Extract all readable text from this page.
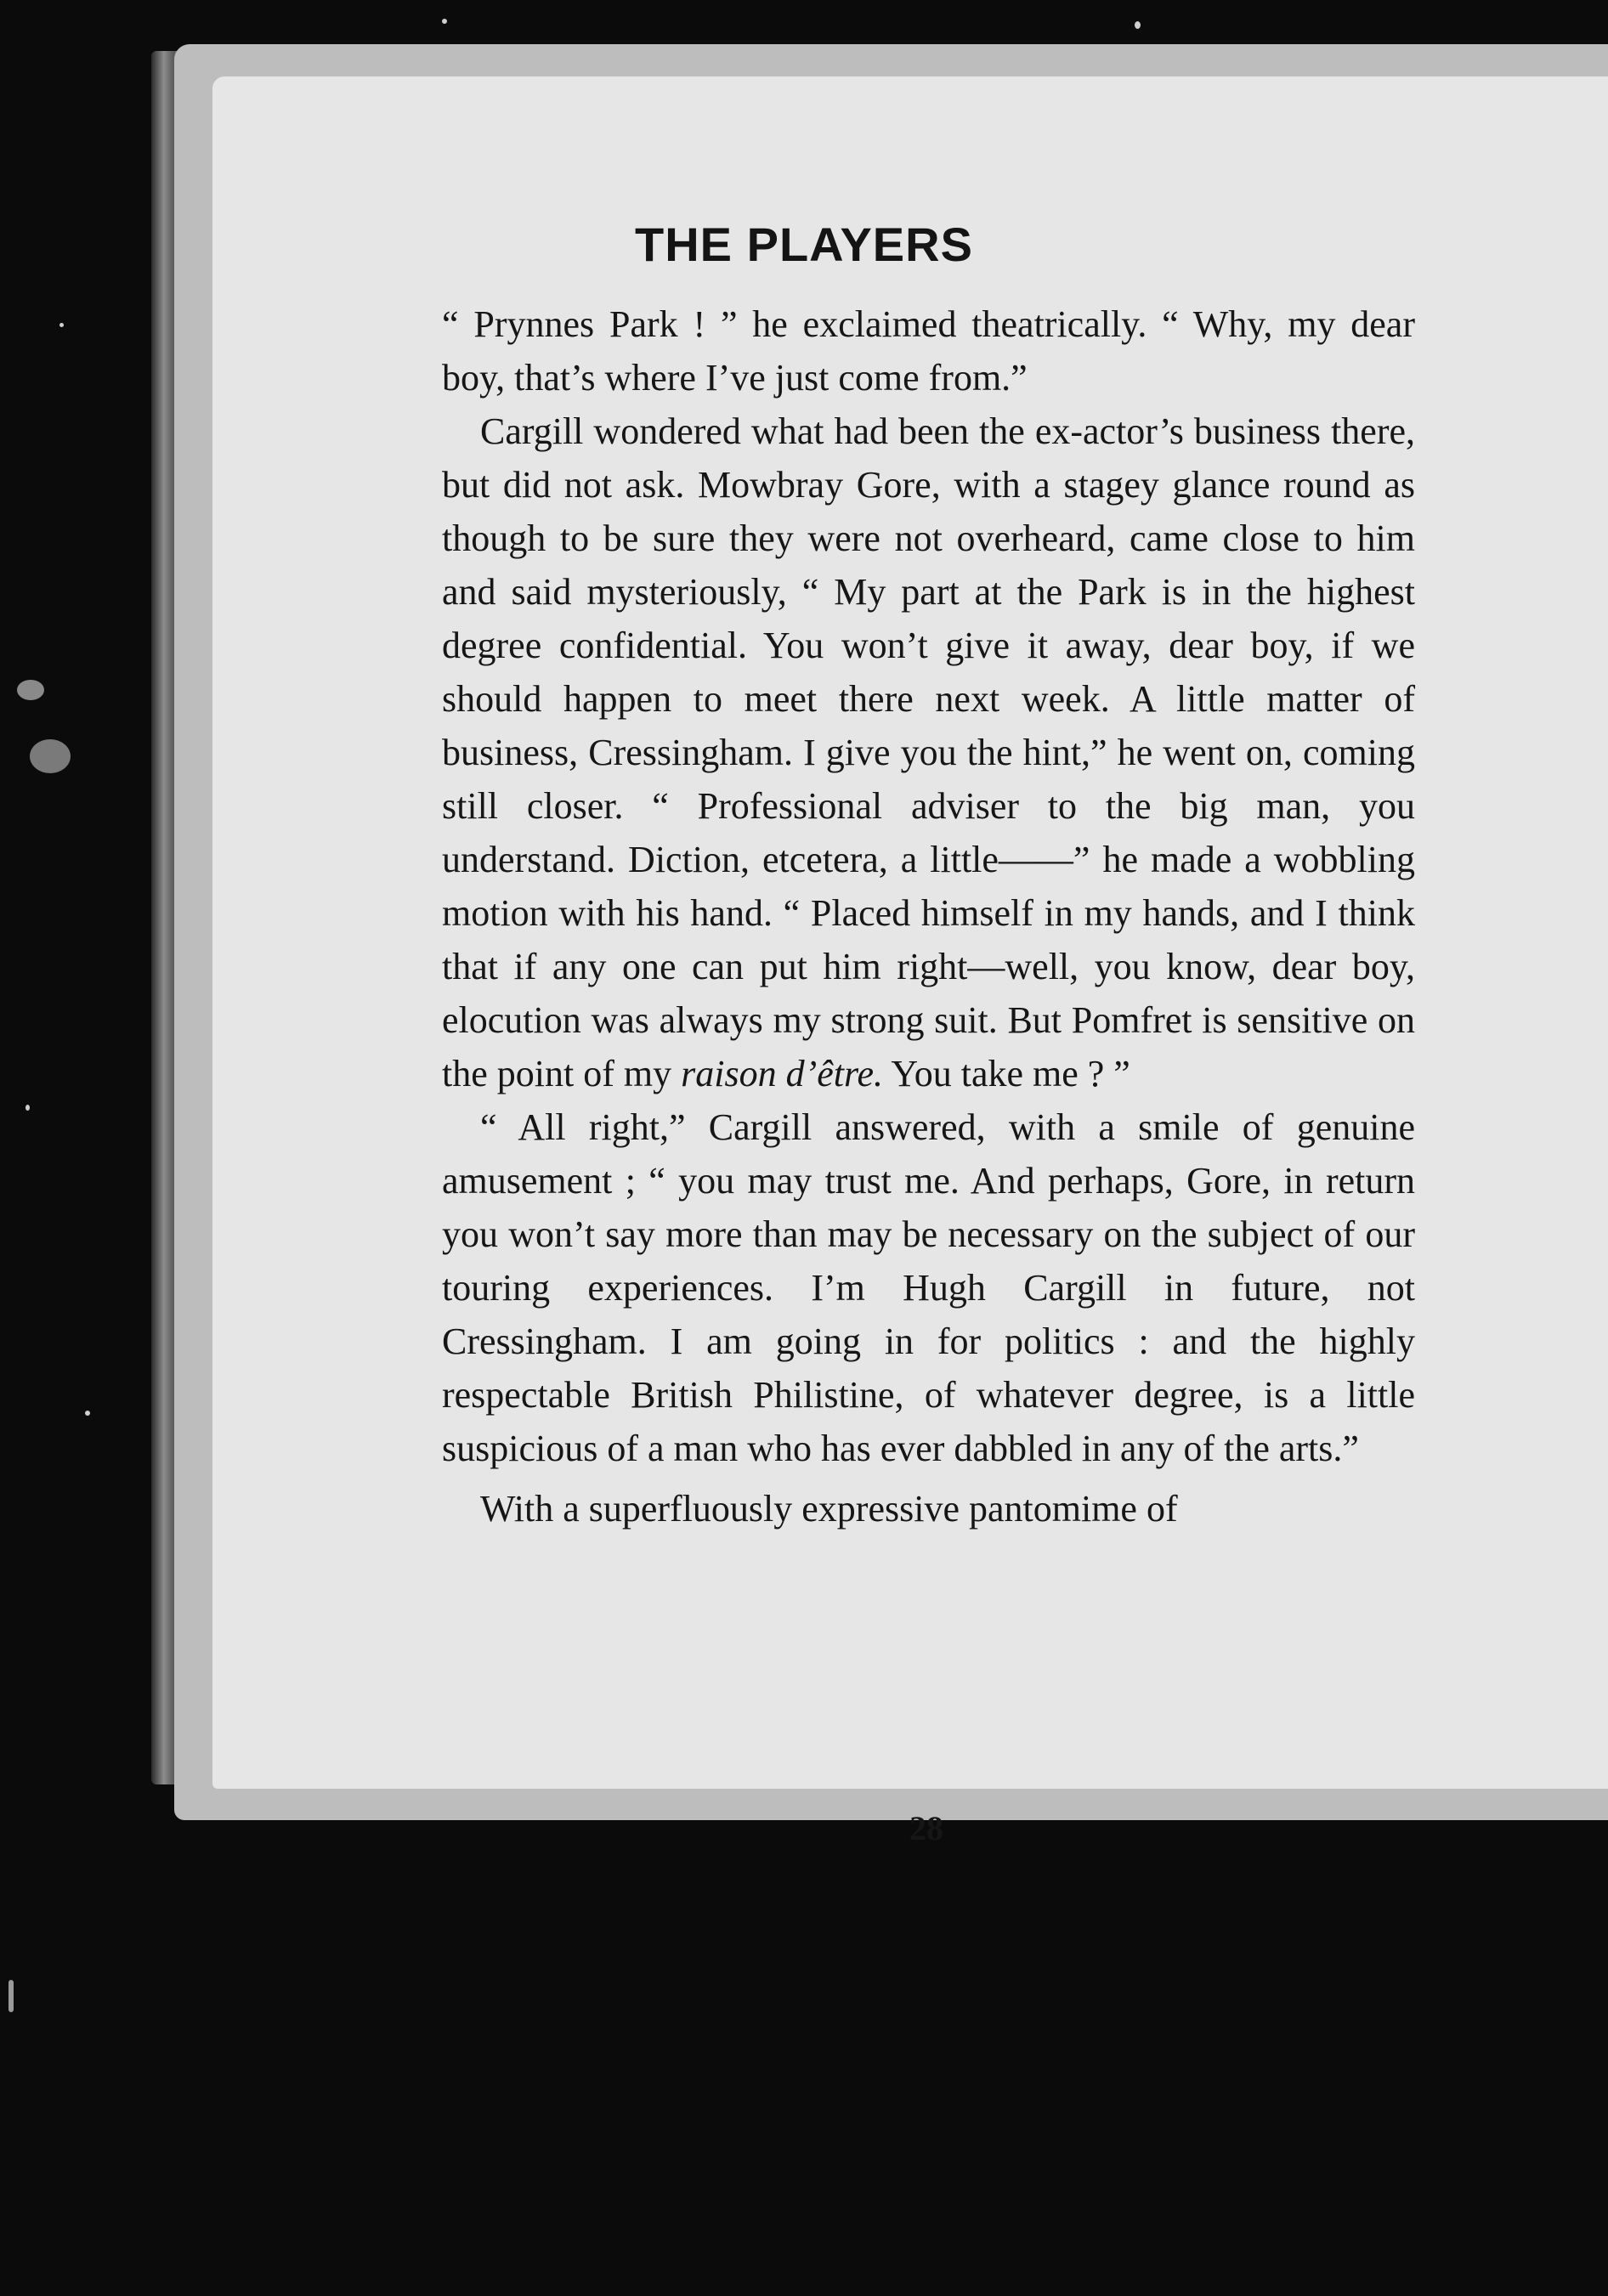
THE PLAYERS

“ Prynnes Park ! ” he exclaimed theatrically. “ Why, my dear boy, that’s where I’ve just come from.”

Cargill wondered what had been the ex-actor’s business there, but did not ask. Mowbray Gore, with a stagey glance round as though to be sure they were not overheard, came close to him and said mysteriously, “ My part at the Park is in the highest degree confidential. You won’t give it away, dear boy, if we should happen to meet there next week. A little matter of business, Cressingham. I give you the hint,” he went on, coming still closer. “ Professional adviser to the big man, you understand. Diction, etcetera, a little——” he made a wobbling motion with his hand. “ Placed himself in my hands, and I think that if any one can put him right—well, you know, dear boy, elocution was always my strong suit. But Pomfret is sensitive on the point of my raison d’être. You take me ? ”

“ All right,” Cargill answered, with a smile of genuine amusement ; “ you may trust me. And perhaps, Gore, in return you won’t say more than may be necessary on the subject of our touring experiences. I’m Hugh Cargill in future, not Cressingham. I am going in for politics : and the highly respectable British Philistine, of whatever degree, is a little suspicious of a man who has ever dabbled in any of the arts.”

With a superfluously expressive pantomime of

28
